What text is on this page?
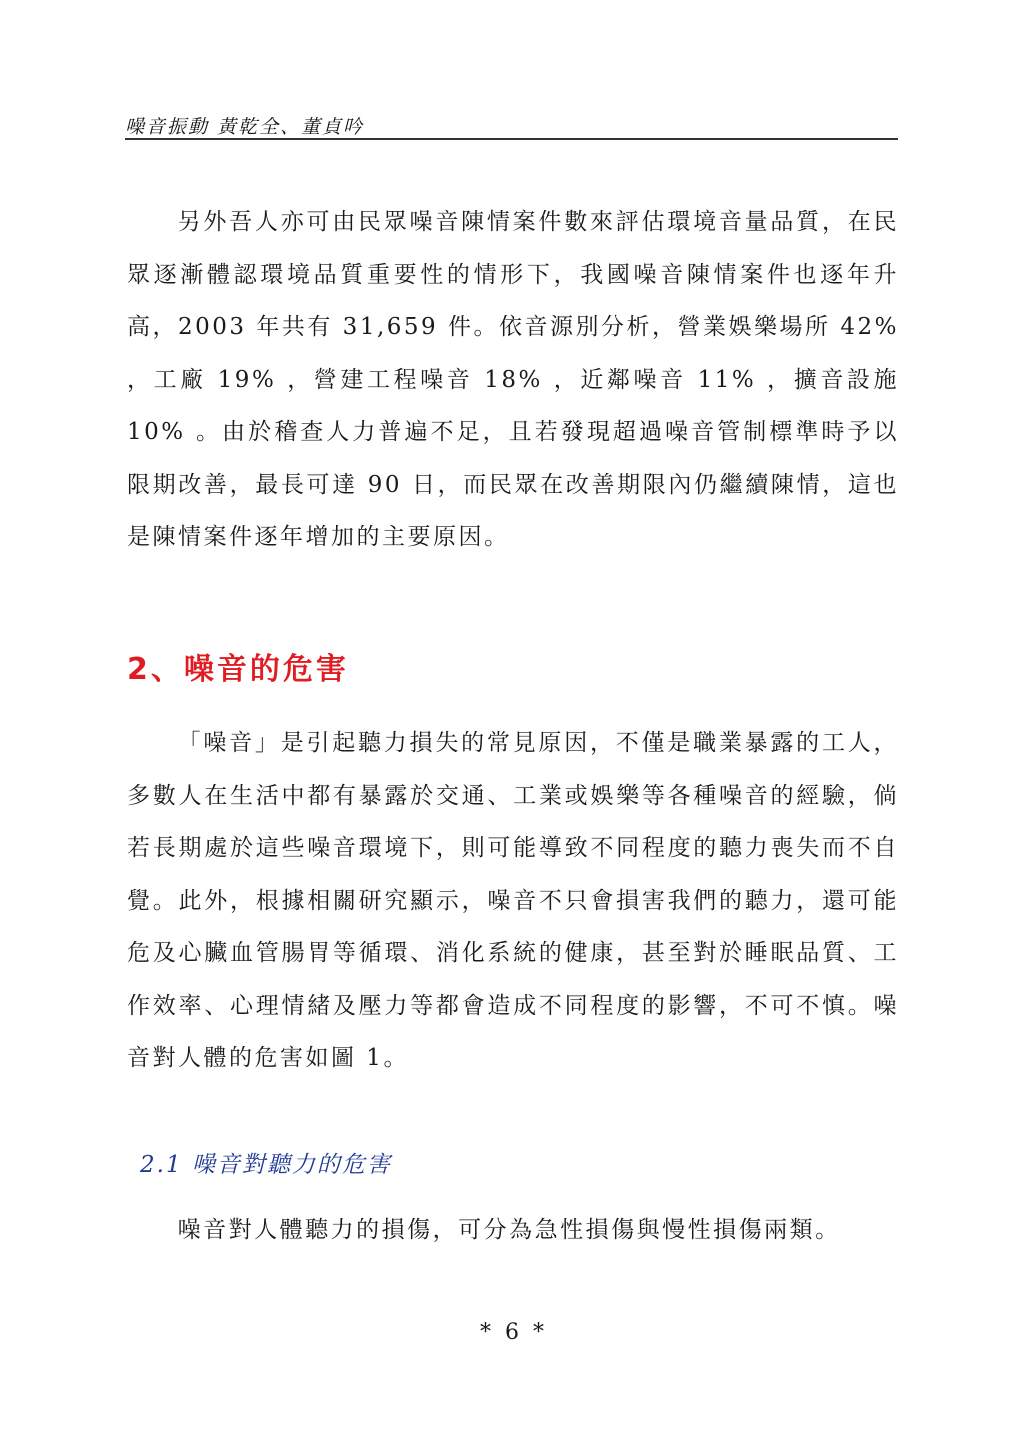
噪音振動 黃乾全、董貞吟

另外吾人亦可由民眾噪音陳情案件數來評估環境音量品質，在民眾逐漸體認環境品質重要性的情形下，我國噪音陳情案件也逐年升高，2003 年共有 31,659 件。依音源別分析，營業娛樂場所 42% ，工廠 19% ，營建工程噪音 18% ，近鄰噪音 11% ，擴音設施 10% 。由於稽查人力普遍不足，且若發現超過噪音管制標準時予以限期改善，最長可達 90 日，而民眾在改善期限內仍繼續陳情，這也是陳情案件逐年增加的主要原因。

2、噪音的危害

「噪音」是引起聽力損失的常見原因，不僅是職業暴露的工人，多數人在生活中都有暴露於交通、工業或娛樂等各種噪音的經驗，倘若長期處於這些噪音環境下，則可能導致不同程度的聽力喪失而不自覺。此外，根據相關研究顯示，噪音不只會損害我們的聽力，還可能危及心臟血管腸胃等循環、消化系統的健康，甚至對於睡眠品質、工作效率、心理情緒及壓力等都會造成不同程度的影響，不可不慎。噪音對人體的危害如圖 1。

2.1 噪音對聽力的危害

噪音對人體聽力的損傷，可分為急性損傷與慢性損傷兩類。

*  6  *
